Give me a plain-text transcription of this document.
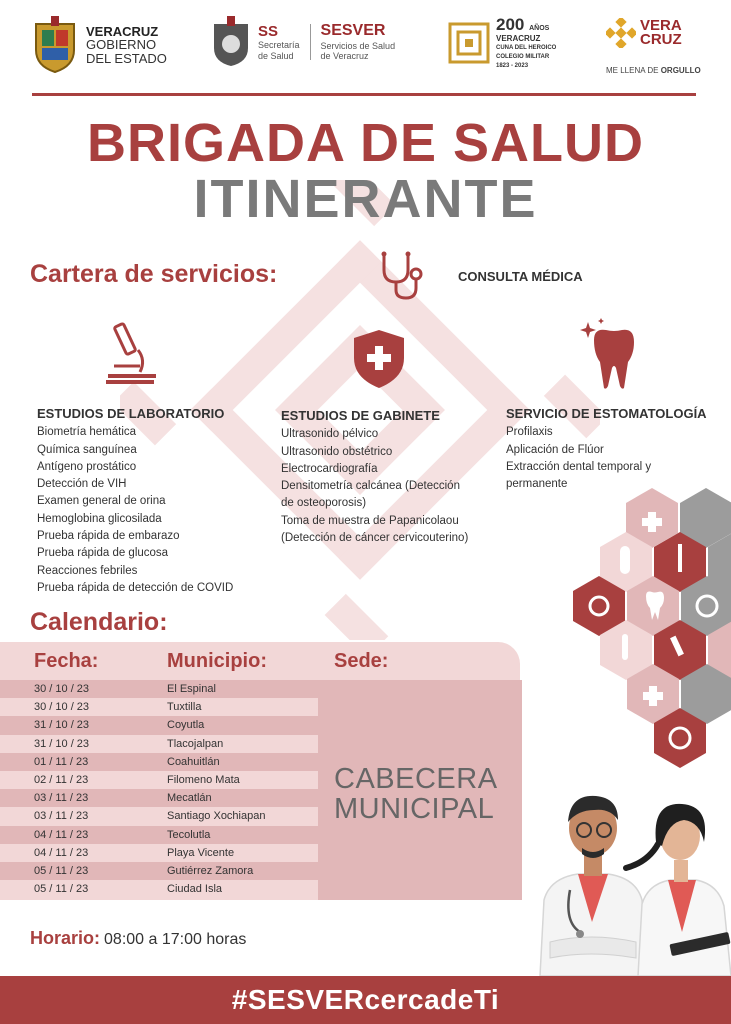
VERACRUZ
GOBIERNO
DEL ESTADO
SS
Secretaría
de Salud
SESVER
Servicios de Salud
de Veracruz
200 AÑOS
VERACRUZ
CUNA DEL HEROICO
COLEGIO MILITAR
1823 - 2023
VERA
CRUZ
ME LLENA DE ORGULLO
BRIGADA DE SALUD
ITINERANTE
Cartera de servicios:	CONSULTA MÉDICA
ESTUDIOS DE LABORATORIO
Biometría hemática
Química sanguínea
Antígeno prostático
Detección de VIH
Examen general de orina
Hemoglobina glicosilada
Prueba rápida de embarazo
Prueba rápida de glucosa
Reacciones febriles
Prueba rápida de detección de COVID
ESTUDIOS DE GABINETE
Ultrasonido pélvico
Ultrasonido obstétrico
Electrocardiografía
Densitometría calcánea (Detección
de osteoporosis)
Toma de muestra de Papanicolaou
(Detección de cáncer cervicouterino)
SERVICIO DE ESTOMATOLOGÍA
Profilaxis
Aplicación de Flúor
Extracción dental temporal y
permanente
Calendario:
Fecha:	Municipio:	Sede:
30 / 10 / 23	El Espinal
30 / 10 / 23	Tuxtilla
31 / 10 / 23	Coyutla
31 / 10 / 23	Tlacojalpan
01 / 11 / 23	Coahuitlán
02 / 11 / 23	Filomeno Mata
03 / 11 / 23	Mecatlán
03 / 11 / 23	Santiago Xochiapan
04 / 11 / 23	Tecolutla
04 / 11 / 23	Playa Vicente
05 / 11 / 23	Gutiérrez Zamora
05 / 11 / 23	Ciudad Isla
CABECERA
MUNICIPAL
Horario: 08:00 a 17:00 horas
#SESVERcercadeTi
